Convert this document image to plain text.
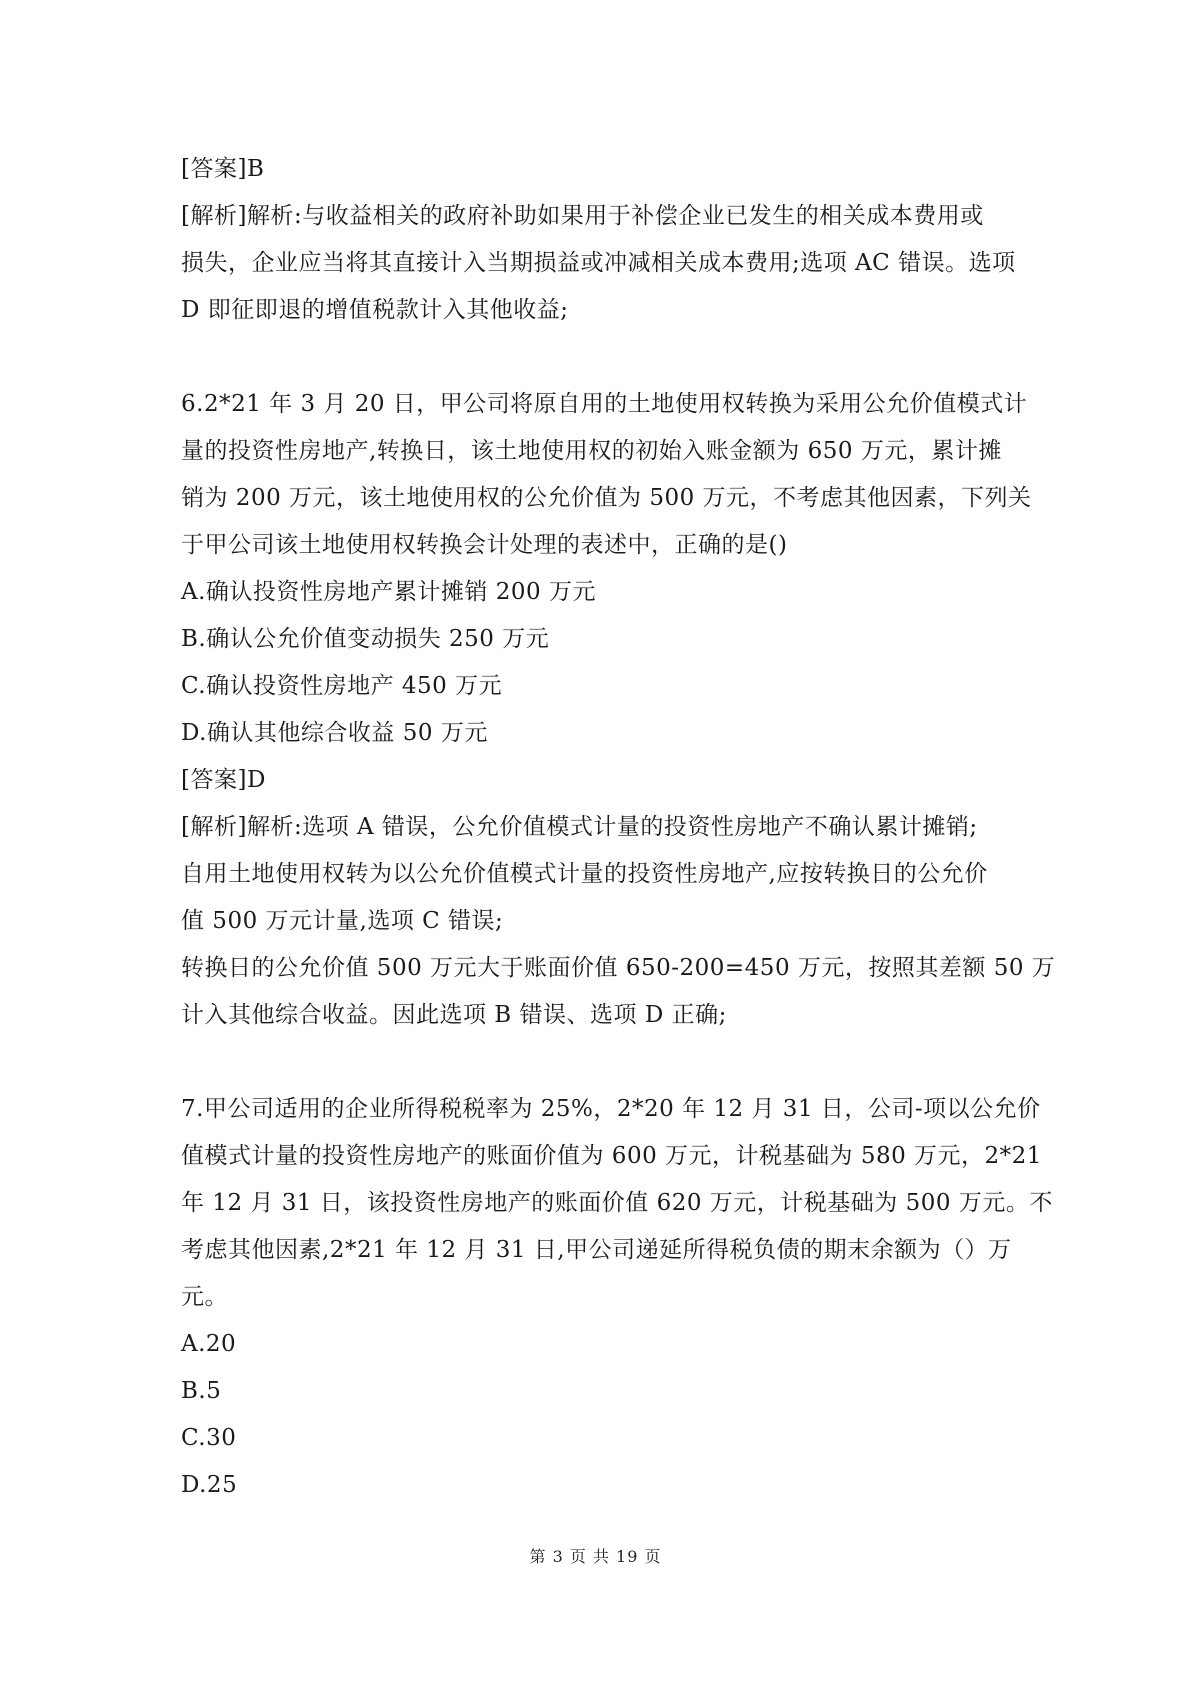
[答案]B
[解析]解析:与收益相关的政府补助如果用于补偿企业已发生的相关成本费用或
损失，企业应当将其直接计入当期损益或冲减相关成本费用;选项 AC 错误。选项
D 即征即退的增值税款计入其他收益;
6.2*21 年 3 月 20 日，甲公司将原自用的土地使用权转换为采用公允价值模式计
量的投资性房地产,转换日，该土地使用权的初始入账金额为 650 万元，累计摊
销为 200 万元，该土地使用权的公允价值为 500 万元，不考虑其他因素，下列关
于甲公司该土地使用权转换会计处理的表述中，正确的是()
A.确认投资性房地产累计摊销 200 万元
B.确认公允价值变动损失 250 万元
C.确认投资性房地产 450 万元
D.确认其他综合收益 50 万元
[答案]D
[解析]解析:选项 A 错误，公允价值模式计量的投资性房地产不确认累计摊销;
自用土地使用权转为以公允价值模式计量的投资性房地产,应按转换日的公允价
值 500 万元计量,选项 C 错误;
转换日的公允价值 500 万元大于账面价值 650-200=450 万元，按照其差额 50 万
计入其他综合收益。因此选项 B 错误、选项 D 正确;
7.甲公司适用的企业所得税税率为 25%，2*20 年 12 月 31 日，公司-项以公允价
值模式计量的投资性房地产的账面价值为 600 万元，计税基础为 580 万元，2*21
年 12 月 31 日，该投资性房地产的账面价值 620 万元，计税基础为 500 万元。不
考虑其他因素,2*21 年 12 月 31 日,甲公司递延所得税负债的期末余额为（）万
元。
A.20
B.5
C.30
D.25
第 3 页 共 19 页
